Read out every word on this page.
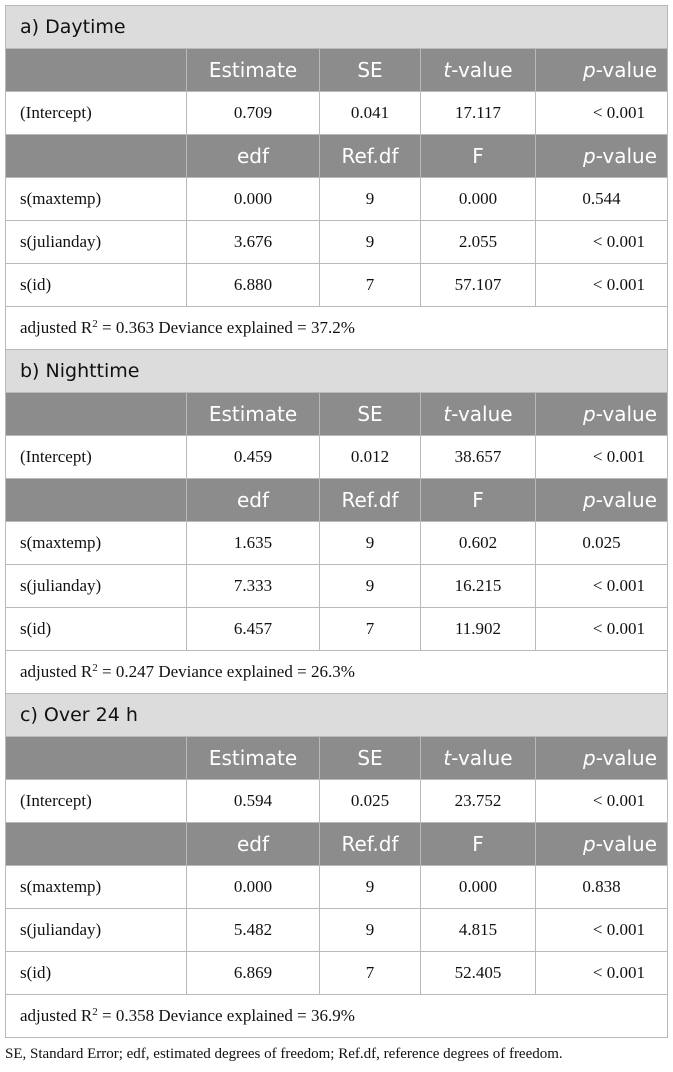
a) Daytime				
	Estimate	SE	t-value	p-value
(Intercept)	0.709	0.041	17.117	< 0.001
	edf	Ref.df	F	p-value
s(maxtemp)	0.000	9	0.000	0.544
s(julianday)	3.676	9	2.055	< 0.001
s(id)	6.880	7	57.107	< 0.001
adjusted $R^2 = 0.363$ Deviance explained = 37.2%				
b) Nighttime				
	Estimate	SE	t-value	p-value
(Intercept)	0.459	0.012	38.657	< 0.001
	edf	Ref.df	F	p-value
s(maxtemp)	1.635	9	0.602	0.025
s(julianday)	7.333	9	16.215	< 0.001
s(id)	6.457	7	11.902	< 0.001
adjusted $R^2 = 0.247$ Deviance explained = 26.3%				
c) Over 24 h				
	Estimate	SE	t-value	p-value
(Intercept)	0.594	0.025	23.752	< 0.001
	edf	Ref.df	F	p-value
s(maxtemp)	0.000	9	0.000	0.838
s(julianday)	5.482	9	4.815	< 0.001
s(id)	6.869	7	52.405	< 0.001
adjusted $R^2 = 0.358$ Deviance explained = 36.9%				
SE, Standard Error; edf, estimated degrees of freedom; Ref.df, reference degrees of freedom.
